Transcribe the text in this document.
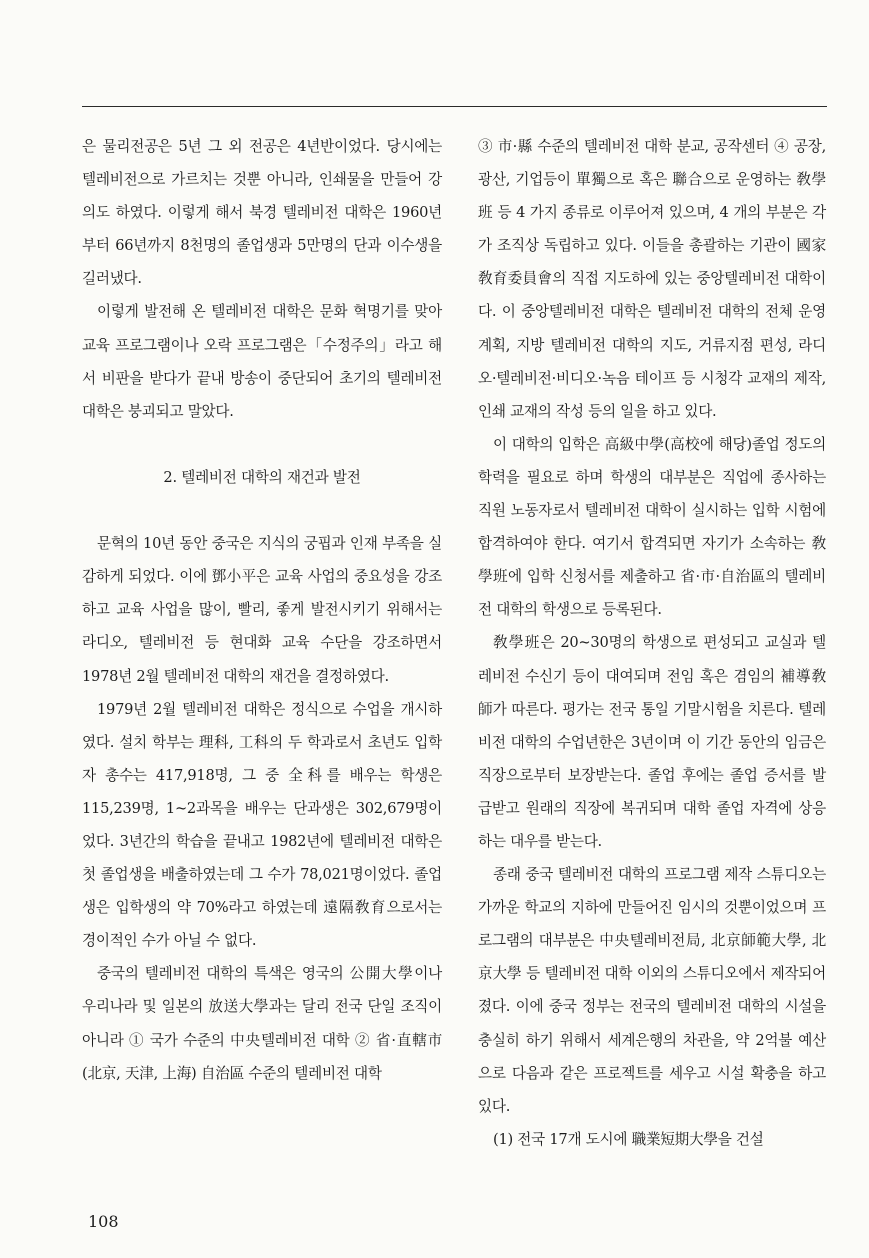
은 물리전공은 5년 그 외 전공은 4년반이었다. 당시에는 텔레비전으로 가르치는 것뿐 아니라, 인쇄물을 만들어 강의도 하였다. 이렇게 해서 북경 텔레비전 대학은 1960년부터 66년까지 8천명의 졸업생과 5만명의 단과 이수생을 길러냈다.

이렇게 발전해 온 텔레비전 대학은 문화 혁명기를 맞아 교육 프로그램이나 오락 프로그램은「수정주의」라고 해서 비판을 받다가 끝내 방송이 중단되어 초기의 텔레비전 대학은 붕괴되고 말았다.

2. 텔레비전 대학의 재건과 발전

문혁의 10년 동안 중국은 지식의 궁핍과 인재 부족을 실감하게 되었다. 이에 鄧小平은 교육 사업의 중요성을 강조하고 교육 사업을 많이, 빨리, 좋게 발전시키기 위해서는 라디오, 텔레비전 등 현대화 교육 수단을 강조하면서 1978년 2월 텔레비전 대학의 재건을 결정하였다.

1979년 2월 텔레비전 대학은 정식으로 수업을 개시하였다. 설치 학부는 理科, 工科의 두 학과로서 초년도 입학자 총수는 417,918명, 그 중 全科를 배우는 학생은 115,239명, 1~2과목을 배우는 단과생은 302,679명이었다. 3년간의 학습을 끝내고 1982년에 텔레비전 대학은 첫 졸업생을 배출하였는데 그 수가 78,021명이었다. 졸업생은 입학생의 약 70%라고 하였는데 遠隔敎育으로서는 경이적인 수가 아닐 수 없다.

중국의 텔레비전 대학의 특색은 영국의 公開大學이나 우리나라 및 일본의 放送大學과는 달리 전국 단일 조직이 아니라 ① 국가 수준의 中央텔레비전 대학 ② 省·直轄市(北京, 天津, 上海) 自治區 수준의 텔레비전 대학

③ 市·縣 수준의 텔레비전 대학 분교, 공작센터 ④ 공장, 광산, 기업등이 單獨으로 혹은 聯合으로 운영하는 敎學班 등 4 가지 종류로 이루어져 있으며, 4 개의 부분은 각가 조직상 독립하고 있다. 이들을 총괄하는 기관이 國家敎育委員會의 직접 지도하에 있는 중앙텔레비전 대학이다. 이 중앙텔레비전 대학은 텔레비전 대학의 전체 운영 계획, 지방 텔레비전 대학의 지도, 거류지점 편성, 라디오·텔레비전·비디오·녹음 테이프 등 시청각 교재의 제작, 인쇄 교재의 작성 등의 일을 하고 있다.

이 대학의 입학은 高級中學(高校에 해당)졸업 정도의 학력을 필요로 하며 학생의 대부분은 직업에 종사하는 직원 노동자로서 텔레비전 대학이 실시하는 입학 시험에 합격하여야 한다. 여기서 합격되면 자기가 소속하는 敎學班에 입학 신청서를 제출하고 省·市·自治區의 텔레비전 대학의 학생으로 등록된다.

敎學班은 20~30명의 학생으로 편성되고 교실과 텔레비전 수신기 등이 대여되며 전임 혹은 겸임의 補導敎師가 따른다. 평가는 전국 통일 기말시험을 치른다. 텔레비전 대학의 수업년한은 3년이며 이 기간 동안의 임금은 직장으로부터 보장받는다. 졸업 후에는 졸업 증서를 발급받고 원래의 직장에 복귀되며 대학 졸업 자격에 상응하는 대우를 받는다.

종래 중국 텔레비전 대학의 프로그램 제작 스튜디오는 가까운 학교의 지하에 만들어진 임시의 것뿐이었으며 프로그램의 대부분은 中央텔레비전局, 北京師範大學, 北京大學 등 텔레비전 대학 이외의 스튜디오에서 제작되어졌다. 이에 중국 정부는 전국의 텔레비전 대학의 시설을 충실히 하기 위해서 세계은행의 차관을, 약 2억불 예산으로 다음과 같은 프로젝트를 세우고 시설 확충을 하고 있다.

(1) 전국 17개 도시에 職業短期大學을 건설

108
